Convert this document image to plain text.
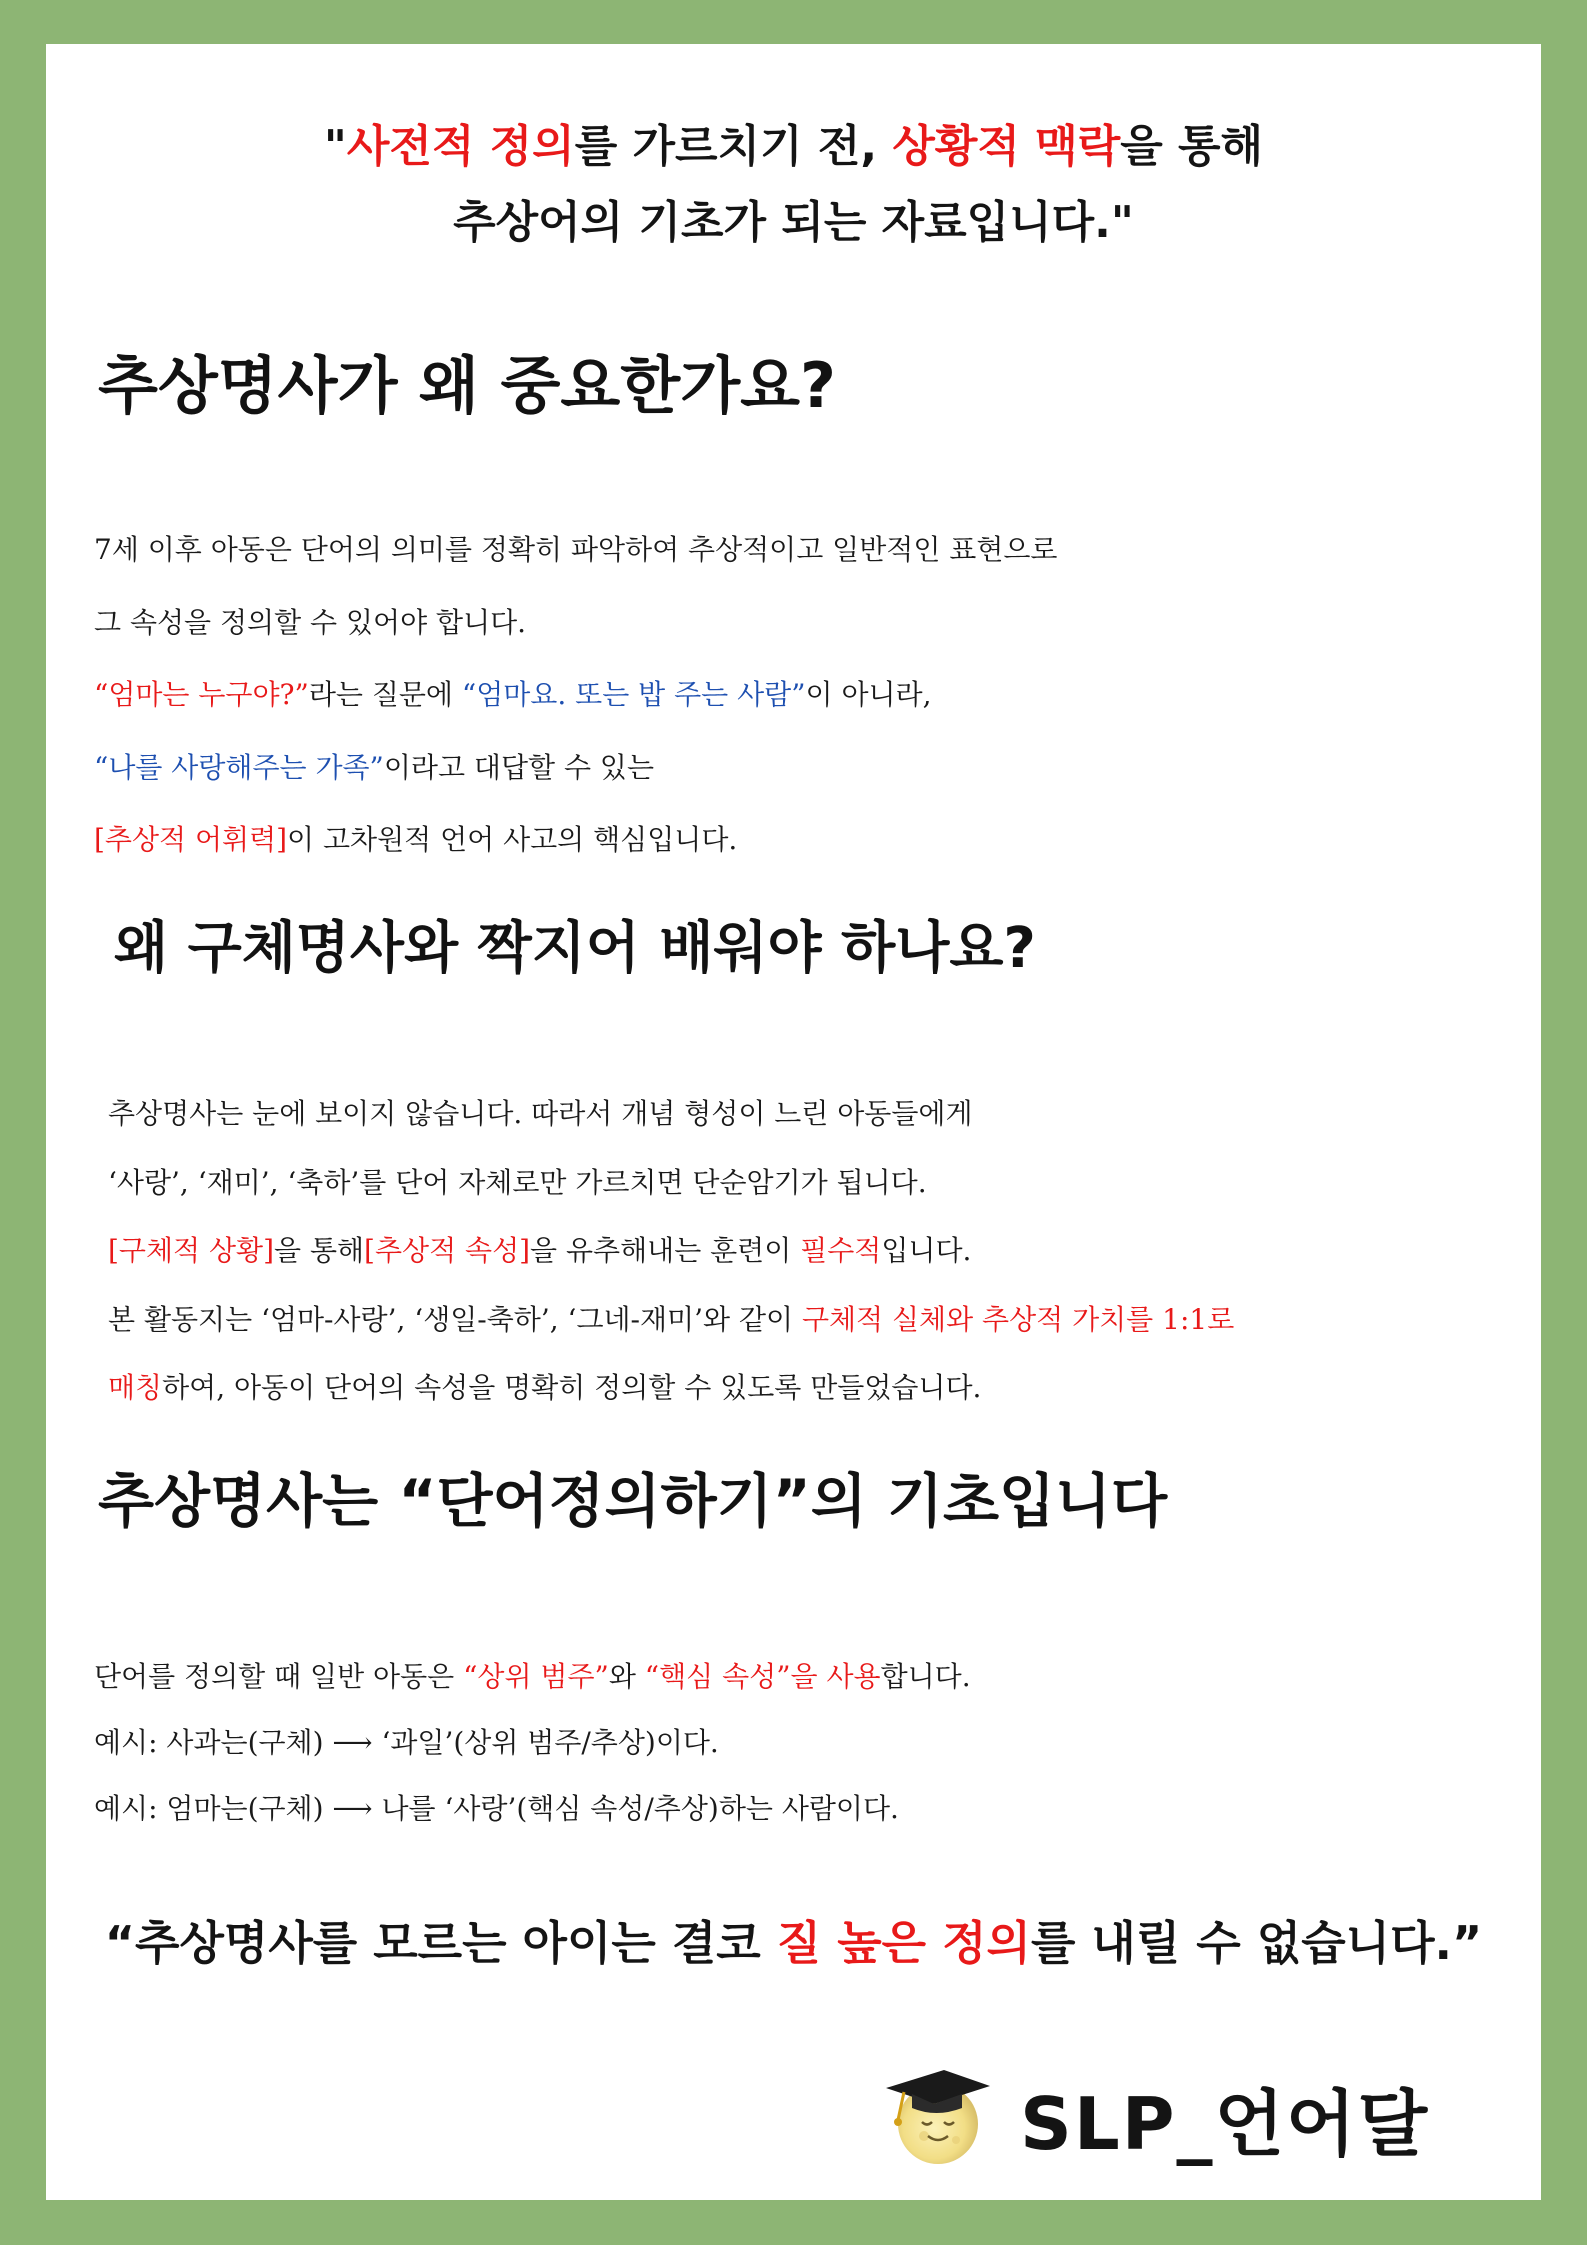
"사전적 정의를 가르치기 전, 상황적 맥락을 통해
추상어의 기초가 되는 자료입니다."
추상명사가 왜 중요한가요?
7세 이후 아동은 단어의 의미를 정확히 파악하여 추상적이고 일반적인 표현으로
그 속성을 정의할 수 있어야 합니다.
“엄마는 누구야?”라는 질문에 “엄마요. 또는 밥 주는 사람”이 아니라,
“나를 사랑해주는 가족”이라고 대답할 수 있는
[추상적 어휘력]이 고차원적 언어 사고의 핵심입니다.
왜 구체명사와 짝지어 배워야 하나요?
추상명사는 눈에 보이지 않습니다. 따라서 개념 형성이 느린 아동들에게
‘사랑’, ‘재미’, ‘축하’를 단어 자체로만 가르치면 단순암기가 됩니다.
[구체적 상황]을 통해[추상적 속성]을 유추해내는 훈련이 필수적입니다.
본 활동지는 ‘엄마-사랑’, ‘생일-축하’, ‘그네-재미’와 같이 구체적 실체와 추상적 가치를 1:1로
매칭하여, 아동이 단어의 속성을 명확히 정의할 수 있도록 만들었습니다.
추상명사는 “단어정의하기”의 기초입니다
단어를 정의할 때 일반 아동은 “상위 범주”와 “핵심 속성”을 사용합니다.
예시: 사과는(구체) ⟶ ‘과일’(상위 범주/추상)이다.
예시: 엄마는(구체) ⟶ 나를 ‘사랑’(핵심 속성/추상)하는 사람이다.
“추상명사를 모르는 아이는 결코 질 높은 정의를 내릴 수 없습니다.”
SLP_언어달
